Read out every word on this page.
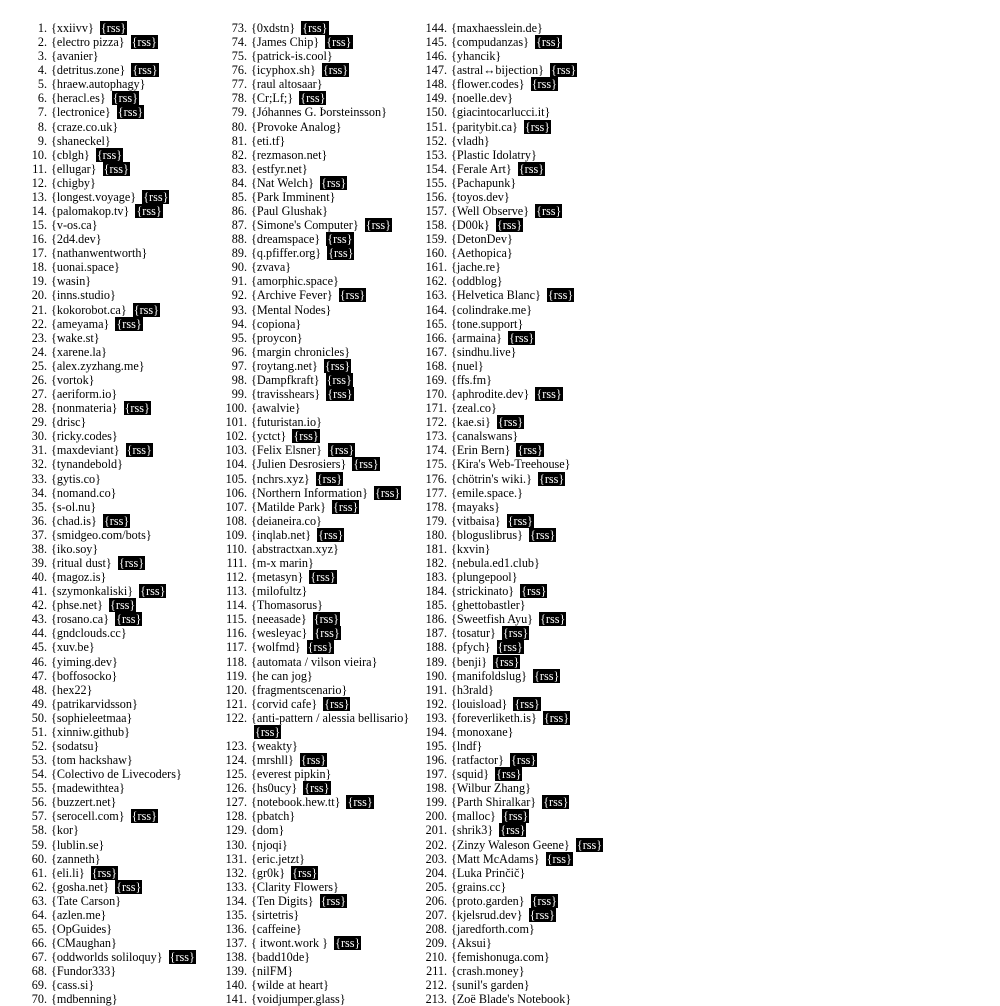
1. {xxiivv} {rss}
2. {electro pizza} {rss}
3. {avanier}
4. {detritus.zone} {rss}
5. {hraew.autophagy}
6. {heracl.es} {rss}
7. {lectronice} {rss}
8. {craze.co.uk}
9. {shaneckel}
10. {cblgh} {rss}
11. {ellugar} {rss}
12. {chigby}
13. {longest.voyage} {rss}
14. {palomakop.tv} {rss}
15. {v-os.ca}
16. {2d4.dev}
17. {nathanwentworth}
18. {uonai.space}
19. {wasin}
20. {inns.studio}
21. {kokorobot.ca} {rss}
22. {ameyama} {rss}
23. {wake.st}
24. {xarene.la}
25. {alex.zyzhang.me}
26. {vortok}
27. {aeriform.io}
28. {nonmateria} {rss}
29. {drisc}
30. {ricky.codes}
31. {maxdeviant} {rss}
32. {tynandebold}
33. {gytis.co}
34. {nomand.co}
35. {s-ol.nu}
36. {chad.is} {rss}
37. {smidgeo.com/bots}
38. {iko.soy}
39. {ritual dust} {rss}
40. {magoz.is}
41. {szymonkaliski} {rss}
42. {phse.net} {rss}
43. {rosano.ca} {rss}
44. {gndclouds.cc}
45. {xuv.be}
46. {yiming.dev}
47. {boffosocko}
48. {hex22}
49. {patrikarvidsson}
50. {sophieleetmaa}
51. {xinniw.github}
52. {sodatsu}
53. {tom hackshaw}
54. {Colectivo de Livecoders}
55. {madewithtea}
56. {buzzert.net}
57. {serocell.com} {rss}
58. {kor}
59. {lublin.se}
60. {zanneth}
61. {eli.li} {rss}
62. {gosha.net} {rss}
63. {Tate Carson}
64. {azlen.me}
65. {OpGuides}
66. {CMaughan}
67. {oddworlds soliloquy} {rss}
68. {Fundor333}
69. {cass.si}
70. {mdbenning}
73. {0xdstn} {rss}
74. {James Chip} {rss}
75. {patrick-is.cool}
76. {icyphox.sh} {rss}
77. {raul altosaar}
78. {Cr;Lf;} {rss}
79. {Jóhannes G. Þorsteinsson}
80. {Provoke Analog}
81. {eti.tf}
82. {rezmason.net}
83. {estfyr.net}
84. {Nat Welch} {rss}
85. {Park Imminent}
86. {Paul Glushak}
87. {Simone's Computer} {rss}
88. {dreamspace} {rss}
89. {q.pfiffer.org} {rss}
90. {zvava}
91. {amorphic.space}
92. {Archive Fever} {rss}
93. {Mental Nodes}
94. {copiona}
95. {proycon}
96. {margin chronicles}
97. {roytang.net} {rss}
98. {Dampfkraft} {rss}
99. {travisshears} {rss}
100. {awalvie}
101. {futuristan.io}
102. {yctct} {rss}
103. {Felix Elsner} {rss}
104. {Julien Desrosiers} {rss}
105. {nchrs.xyz} {rss}
106. {Northern Information} {rss}
107. {Matilde Park} {rss}
108. {deianeira.co}
109. {inqlab.net} {rss}
110. {abstractxan.xyz}
111. {m-x marin}
112. {metasyn} {rss}
113. {milofultz}
114. {Thomasorus}
115. {neeasade} {rss}
116. {wesleyac} {rss}
117. {wolfmd} {rss}
118. {automata / vilson vieira}
119. {he can jog}
120. {fragmentscenario}
121. {corvid cafe} {rss}
122. {anti-pattern / alessia bellisario} {rss}
123. {weakty}
124. {mrshll} {rss}
125. {everest pipkin}
126. {hs0ucy} {rss}
127. {notebook.hew.tt} {rss}
128. {pbatch}
129. {dom}
130. {njoqi}
131. {eric.jetzt}
132. {gr0k} {rss}
133. {Clarity Flowers}
134. {Ten Digits} {rss}
135. {sirtetris}
136. {caffeine}
137. { itwont.work } {rss}
138. {badd10de}
139. {nilFM}
140. {wilde at heart}
141. {voidjumper.glass}
144. {maxhaesslein.de}
145. {compudanzas} {rss}
146. {yhancik}
147. {astral↔bijection} {rss}
148. {flower.codes} {rss}
149. {noelle.dev}
150. {giacintocarlucci.it}
151. {paritybit.ca} {rss}
152. {vladh}
153. {Plastic Idolatry}
154. {Ferale Art} {rss}
155. {Pachapunk}
156. {toyos.dev}
157. {Well Observe} {rss}
158. {D00k} {rss}
159. {DetonDev}
160. {Aethopica}
161. {jache.re}
162. {oddblog}
163. {Helvetica Blanc} {rss}
164. {colindrake.me}
165. {tone.support}
166. {armaina} {rss}
167. {sindhu.live}
168. {nuel}
169. {ffs.fm}
170. {aphrodite.dev} {rss}
171. {zeal.co}
172. {kae.si} {rss}
173. {canalswans}
174. {Erin Bern} {rss}
175. {Kira's Web-Treehouse}
176. {chötrin's wiki.} {rss}
177. {emile.space.}
178. {mayaks}
179. {vitbaisa} {rss}
180. {bloguslibrus} {rss}
181. {kxvin}
182. {nebula.ed1.club}
183. {plungepool}
184. {strickinato} {rss}
185. {ghettobastler}
186. {Sweetfish Ayu} {rss}
187. {tosatur} {rss}
188. {pfych} {rss}
189. {benji} {rss}
190. {manifoldslug} {rss}
191. {h3rald}
192. {louisload} {rss}
193. {foreverliketh.is} {rss}
194. {monoxane}
195. {lndf}
196. {ratfactor} {rss}
197. {squid} {rss}
198. {Wilbur Zhang}
199. {Parth Shiralkar} {rss}
200. {malloc} {rss}
201. {shrik3} {rss}
202. {Zinzy Waleson Geene} {rss}
203. {Matt McAdams} {rss}
204. {Luka Prinčič}
205. {grains.cc}
206. {proto.garden} {rss}
207. {kjelsrud.dev} {rss}
208. {jaredforth.com}
209. {Aksui}
210. {femishonuga.com}
211. {crash.money}
212. {sunil's garden}
213. {Zoë Blade's Notebook}
